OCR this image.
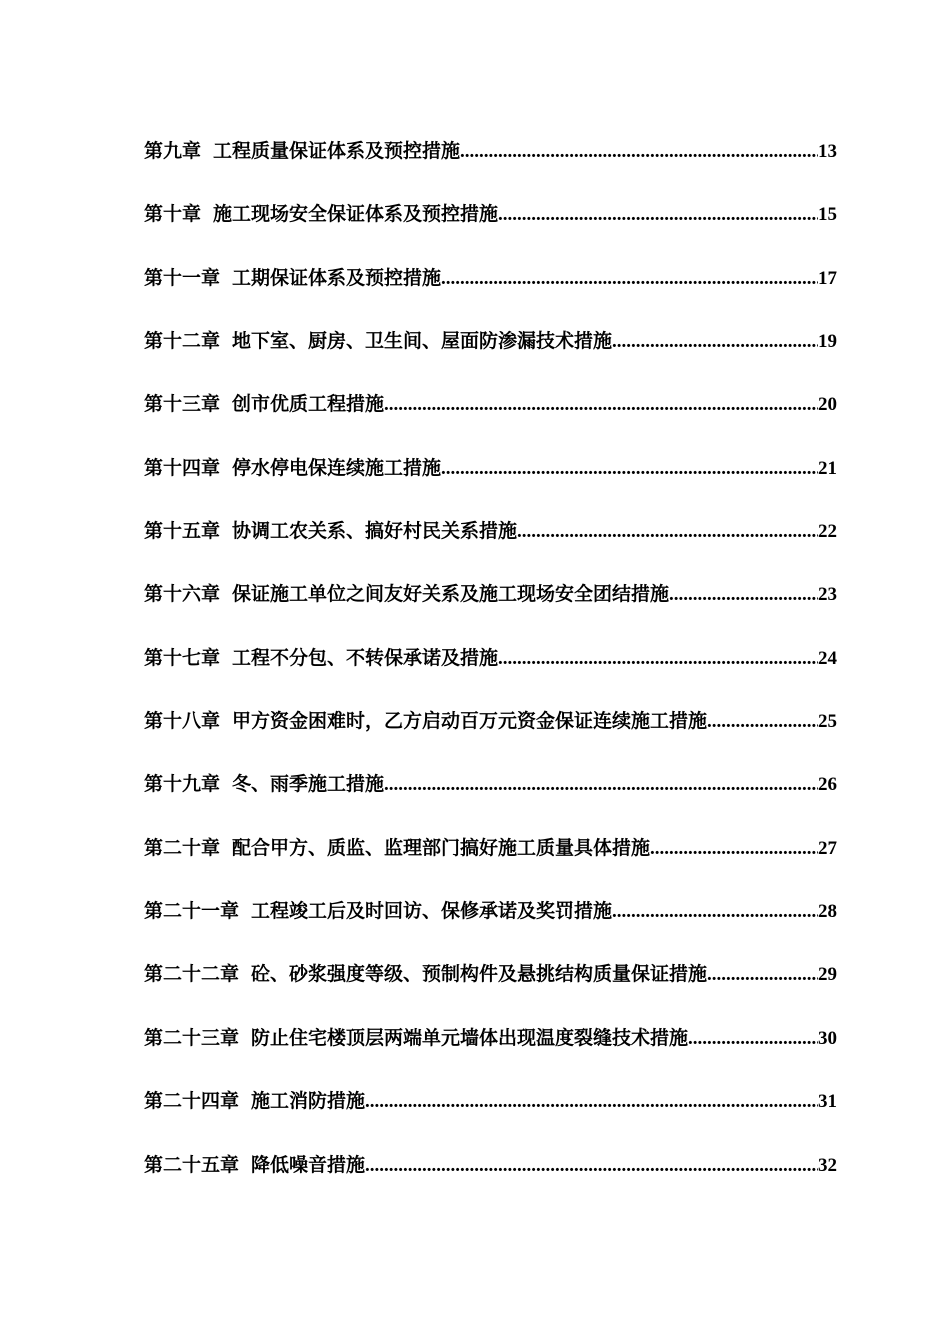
第九章 工程质量保证体系及预控措施 .....	13
第十章 施工现场安全保证体系及预控措施 .....	15
第十一章 工期保证体系及预控措施 .....	17
第十二章 地下室、厨房、卫生间、屋面防渗漏技术措施 .....	19
第十三章 创市优质工程措施 .....	20
第十四章 停水停电保连续施工措施 .....	21
第十五章 协调工农关系、搞好村民关系措施 .....	22
第十六章 保证施工单位之间友好关系及施工现场安全团结措施 .....	23
第十七章 工程不分包、不转保承诺及措施 .....	24
第十八章 甲方资金困难时，乙方启动百万元资金保证连续施工措施 .....	25
第十九章 冬、雨季施工措施 .....	26
第二十章 配合甲方、质监、监理部门搞好施工质量具体措施 .....	27
第二十一章 工程竣工后及时回访、保修承诺及奖罚措施 .....	28
第二十二章 砼、砂浆强度等级、预制构件及悬挑结构质量保证措施 .....	29
第二十三章 防止住宅楼顶层两端单元墙体出现温度裂缝技术措施 .....	30
第二十四章 施工消防措施 .....	31
第二十五章 降低噪音措施 .....	32
